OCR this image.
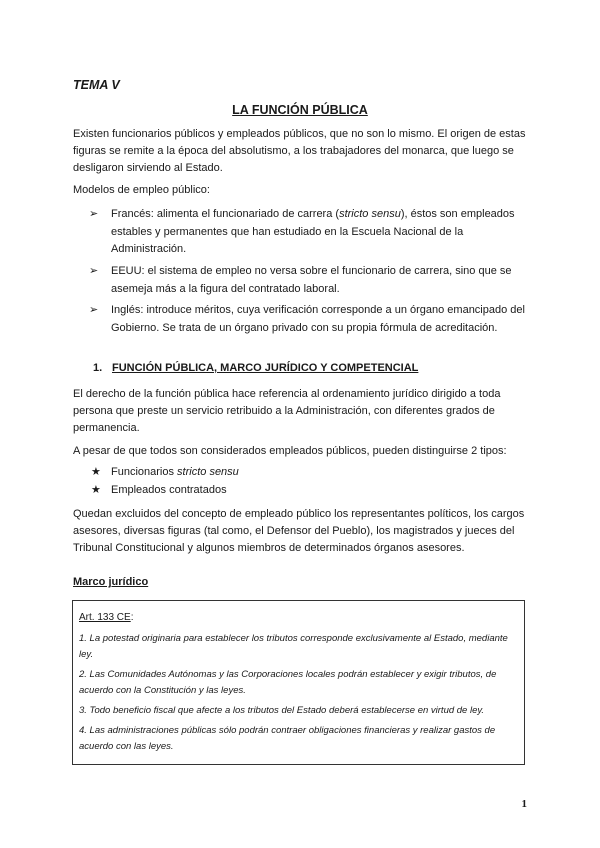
TEMA V
LA FUNCIÓN PÚBLICA
Existen funcionarios públicos y empleados públicos, que no son lo mismo. El origen de estas figuras se remite a la época del absolutismo, a los trabajadores del monarca, que luego se desligaron sirviendo al Estado.
Modelos de empleo público:
➢ Francés: alimenta el funcionariado de carrera (stricto sensu), éstos son empleados estables y permanentes que han estudiado en la Escuela Nacional de la Administración.
➢ EEUU: el sistema de empleo no versa sobre el funcionario de carrera, sino que se asemeja más a la figura del contratado laboral.
➢ Inglés: introduce méritos, cuya verificación corresponde a un órgano emancipado del Gobierno. Se trata de un órgano privado con su propia fórmula de acreditación.
1. FUNCIÓN PÚBLICA, MARCO JURÍDICO Y COMPETENCIAL
El derecho de la función pública hace referencia al ordenamiento jurídico dirigido a toda persona que preste un servicio retribuido a la Administración, con diferentes grados de permanencia.
A pesar de que todos son considerados empleados públicos, pueden distinguirse 2 tipos:
★ Funcionarios stricto sensu
★ Empleados contratados
Quedan excluidos del concepto de empleado público los representantes políticos, los cargos asesores, diversas figuras (tal como, el Defensor del Pueblo), los magistrados y jueces del Tribunal Constitucional y algunos miembros de determinados órganos asesores.
Marco jurídico
Art. 133 CE:
1. La potestad originaria para establecer los tributos corresponde exclusivamente al Estado, mediante ley.
2. Las Comunidades Autónomas y las Corporaciones locales podrán establecer y exigir tributos, de acuerdo con la Constitución y las leyes.
3. Todo beneficio fiscal que afecte a los tributos del Estado deberá establecerse en virtud de ley.
4. Las administraciones públicas sólo podrán contraer obligaciones financieras y realizar gastos de acuerdo con las leyes.
1
